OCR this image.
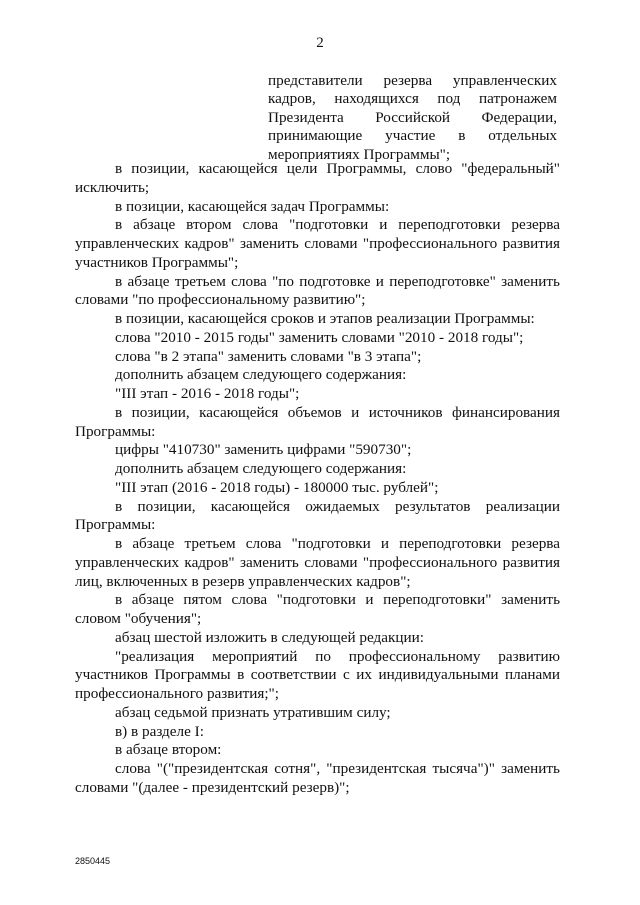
2
представители резерва управленческих
кадров, находящихся под патронажем
Президента Российской Федерации,
принимающие участие в отдельных
мероприятиях Программы";
в позиции, касающейся цели Программы, слово "федеральный"
исключить;
в позиции, касающейся задач Программы:
в абзаце втором слова "подготовки и переподготовки резерва
управленческих кадров" заменить словами "профессионального развития
участников Программы";
в абзаце третьем слова "по подготовке и переподготовке" заменить
словами "по профессиональному развитию";
в позиции, касающейся сроков и этапов реализации Программы:
слова "2010 - 2015 годы" заменить словами "2010 - 2018 годы";
слова "в 2 этапа" заменить словами "в 3 этапа";
дополнить абзацем следующего содержания:
"III этап - 2016 - 2018 годы";
в позиции, касающейся объемов и источников финансирования
Программы:
цифры "410730" заменить цифрами "590730";
дополнить абзацем следующего содержания:
"III этап (2016 - 2018 годы) - 180000 тыс. рублей";
в позиции, касающейся ожидаемых результатов реализации
Программы:
в абзаце третьем слова "подготовки и переподготовки резерва
управленческих кадров" заменить словами "профессионального развития
лиц, включенных в резерв управленческих кадров";
в абзаце пятом слова "подготовки и переподготовки" заменить
словом "обучения";
абзац шестой изложить в следующей редакции:
"реализация мероприятий по профессиональному развитию
участников Программы в соответствии с их индивидуальными планами
профессионального развития;";
абзац седьмой признать утратившим силу;
в) в разделе I:
в абзаце втором:
слова "("президентская сотня", "президентская тысяча")" заменить
словами "(далее - президентский резерв)";
2850445
